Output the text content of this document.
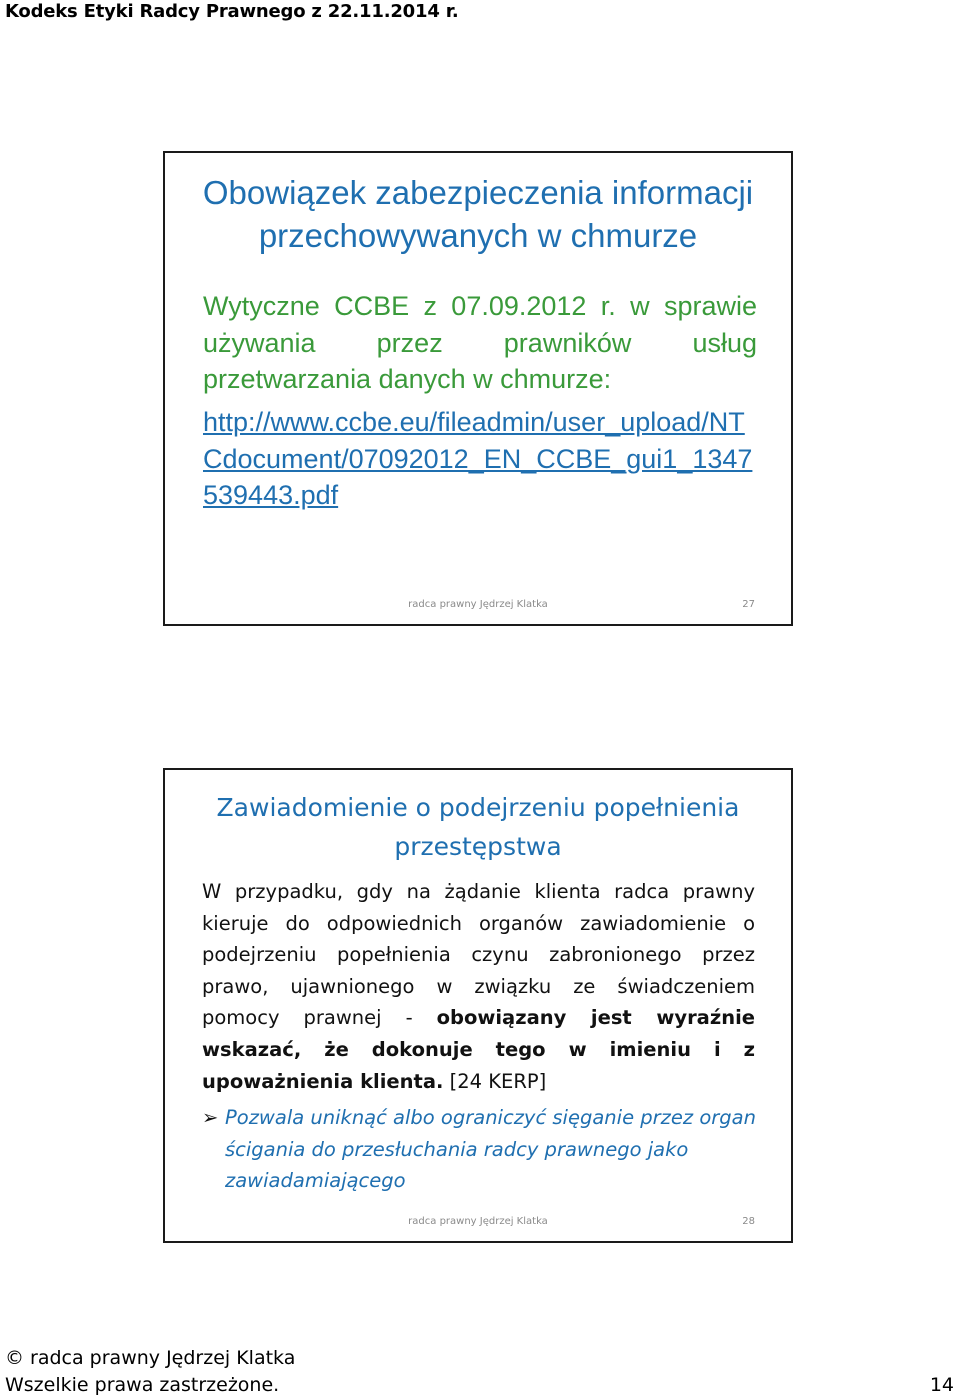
Kodeks Etyki Radcy Prawnego z 22.11.2014 r.
Obowiązek zabezpieczenia informacji
przechowywanych w chmurze
Wytyczne CCBE z 07.09.2012 r. w sprawie używania przez prawników usług
przetwarzania danych w chmurze:
http://www.ccbe.eu/fileadmin/user_upload/NTCdocument/07092012_EN_CCBE_gui1_1347539443.pdf
radca prawny Jędrzej Klatka	27
Zawiadomienie o podejrzeniu popełnienia
przestępstwa
W przypadku, gdy na żądanie klienta radca prawny kieruje do odpowiednich organów zawiadomienie o podejrzeniu popełnienia czynu zabronionego przez prawo, ujawnionego w związku ze świadczeniem pomocy prawnej - obowiązany jest wyraźnie wskazać, że dokonuje tego w imieniu i z upoważnienia klienta. [24 KERP]
➢ Pozwala uniknąć albo ograniczyć sięganie przez organ ścigania do przesłuchania radcy prawnego jako zawiadamiającego
radca prawny Jędrzej Klatka	28
© radca prawny Jędrzej Klatka
Wszelkie prawa zastrzeżone.	14
